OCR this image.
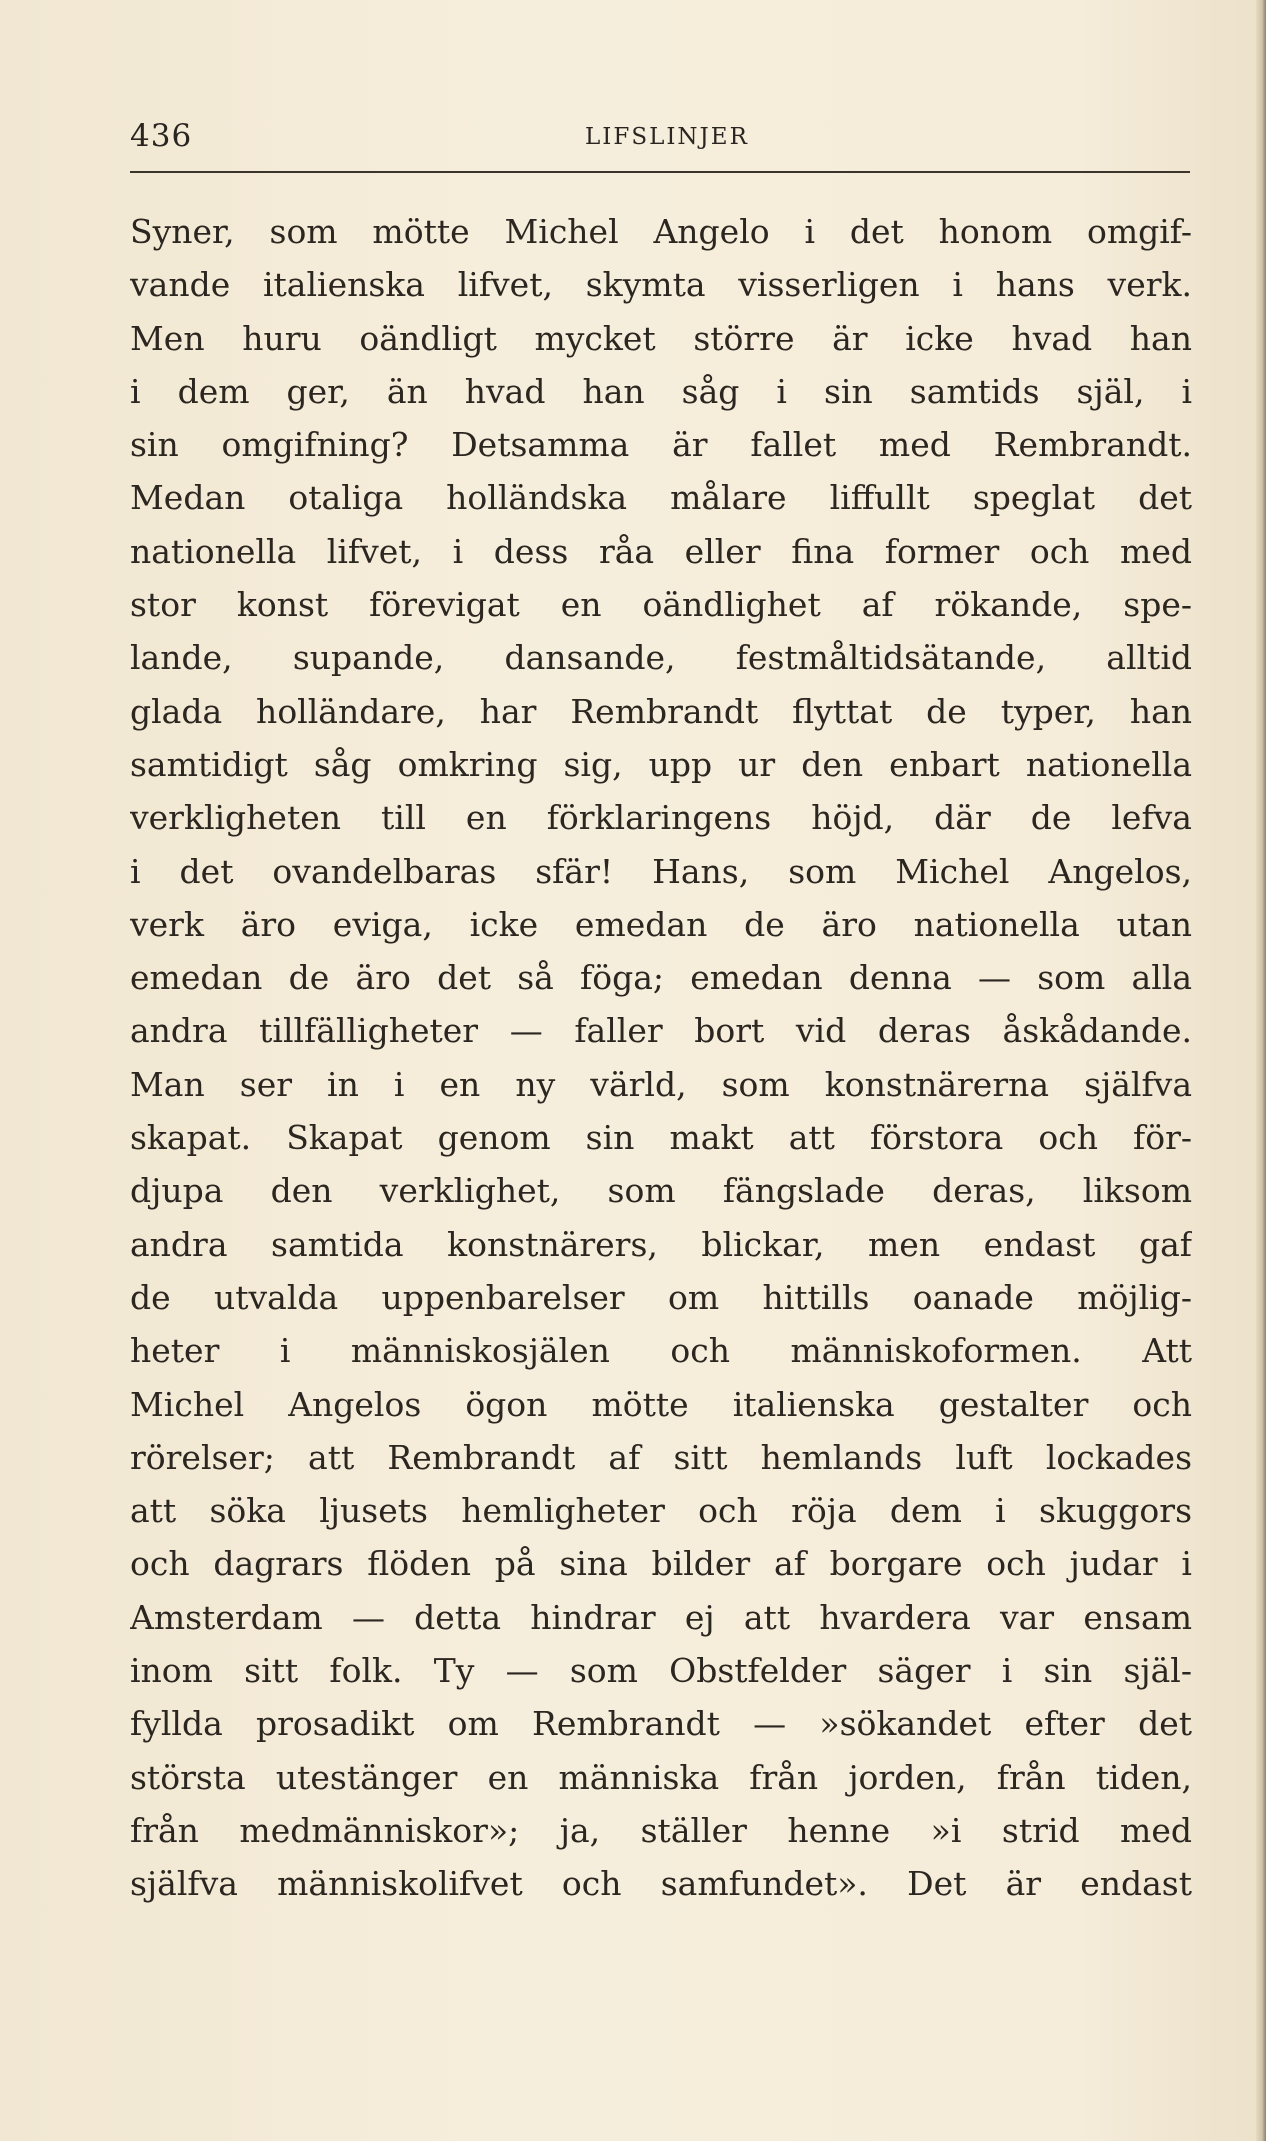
436	LIFSLINJER
Syner, som mötte Michel Angelo i det honom omgif-
vande italienska lifvet, skymta visserligen i hans verk.
Men huru oändligt mycket större är icke hvad han
i dem ger, än hvad han såg i sin samtids själ, i
sin omgifning? Detsamma är fallet med Rembrandt.
Medan otaliga holländska målare liffullt speglat det
nationella lifvet, i dess råa eller fina former och med
stor konst förevigat en oändlighet af rökande, spe-
lande, supande, dansande, festmåltidsätande, alltid
glada holländare, har Rembrandt flyttat de typer, han
samtidigt såg omkring sig, upp ur den enbart nationella
verkligheten till en förklaringens höjd, där de lefva
i det ovandelbaras sfär! Hans, som Michel Angelos,
verk äro eviga, icke emedan de äro nationella utan
emedan de äro det så föga; emedan denna — som alla
andra tillfälligheter — faller bort vid deras åskådande.
Man ser in i en ny värld, som konstnärerna själfva
skapat. Skapat genom sin makt att förstora och för-
djupa den verklighet, som fängslade deras, liksom
andra samtida konstnärers, blickar, men endast gaf
de utvalda uppenbarelser om hittills oanade möjlig-
heter i människosjälen och människoformen. Att
Michel Angelos ögon mötte italienska gestalter och
rörelser; att Rembrandt af sitt hemlands luft lockades
att söka ljusets hemligheter och röja dem i skuggors
och dagrars flöden på sina bilder af borgare och judar i
Amsterdam — detta hindrar ej att hvardera var ensam
inom sitt folk. Ty — som Obstfelder säger i sin själ-
fyllda prosadikt om Rembrandt — »sökandet efter det
största utestänger en människa från jorden, från tiden,
från medmänniskor»; ja, ställer henne »i strid med
själfva människolifvet och samfundet». Det är endast
